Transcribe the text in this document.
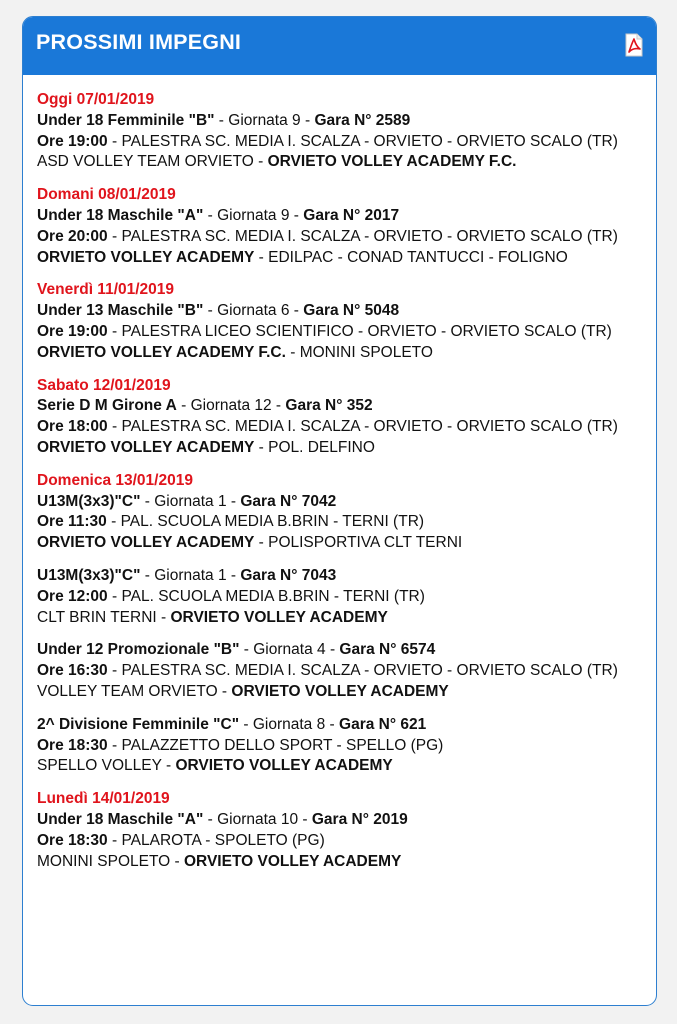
PROSSIMI IMPEGNI
Oggi 07/01/2019
Under 18 Femminile "B" - Giornata 9 - Gara N° 2589
Ore 19:00 - PALESTRA SC. MEDIA I. SCALZA - ORVIETO - ORVIETO SCALO (TR)
ASD VOLLEY TEAM ORVIETO - ORVIETO VOLLEY ACADEMY F.C.
Domani 08/01/2019
Under 18 Maschile "A" - Giornata 9 - Gara N° 2017
Ore 20:00 - PALESTRA SC. MEDIA I. SCALZA - ORVIETO - ORVIETO SCALO (TR)
ORVIETO VOLLEY ACADEMY - EDILPAC - CONAD TANTUCCI - FOLIGNO
Venerdì 11/01/2019
Under 13 Maschile "B" - Giornata 6 - Gara N° 5048
Ore 19:00 - PALESTRA LICEO SCIENTIFICO - ORVIETO - ORVIETO SCALO (TR)
ORVIETO VOLLEY ACADEMY F.C. - MONINI SPOLETO
Sabato 12/01/2019
Serie D M Girone A - Giornata 12 - Gara N° 352
Ore 18:00 - PALESTRA SC. MEDIA I. SCALZA - ORVIETO - ORVIETO SCALO (TR)
ORVIETO VOLLEY ACADEMY - POL. DELFINO
Domenica 13/01/2019
U13M(3x3)"C" - Giornata 1 - Gara N° 7042
Ore 11:30 - PAL. SCUOLA MEDIA B.BRIN - TERNI (TR)
ORVIETO VOLLEY ACADEMY - POLISPORTIVA CLT TERNI
U13M(3x3)"C" - Giornata 1 - Gara N° 7043
Ore 12:00 - PAL. SCUOLA MEDIA B.BRIN - TERNI (TR)
CLT BRIN TERNI - ORVIETO VOLLEY ACADEMY
Under 12 Promozionale "B" - Giornata 4 - Gara N° 6574
Ore 16:30 - PALESTRA SC. MEDIA I. SCALZA - ORVIETO - ORVIETO SCALO (TR)
VOLLEY TEAM ORVIETO - ORVIETO VOLLEY ACADEMY
2^ Divisione Femminile "C" - Giornata 8 - Gara N° 621
Ore 18:30 - PALAZZETTO DELLO SPORT - SPELLO (PG)
SPELLO VOLLEY - ORVIETO VOLLEY ACADEMY
Lunedì 14/01/2019
Under 18 Maschile "A" - Giornata 10 - Gara N° 2019
Ore 18:30 - PALAROTA - SPOLETO (PG)
MONINI SPOLETO - ORVIETO VOLLEY ACADEMY
